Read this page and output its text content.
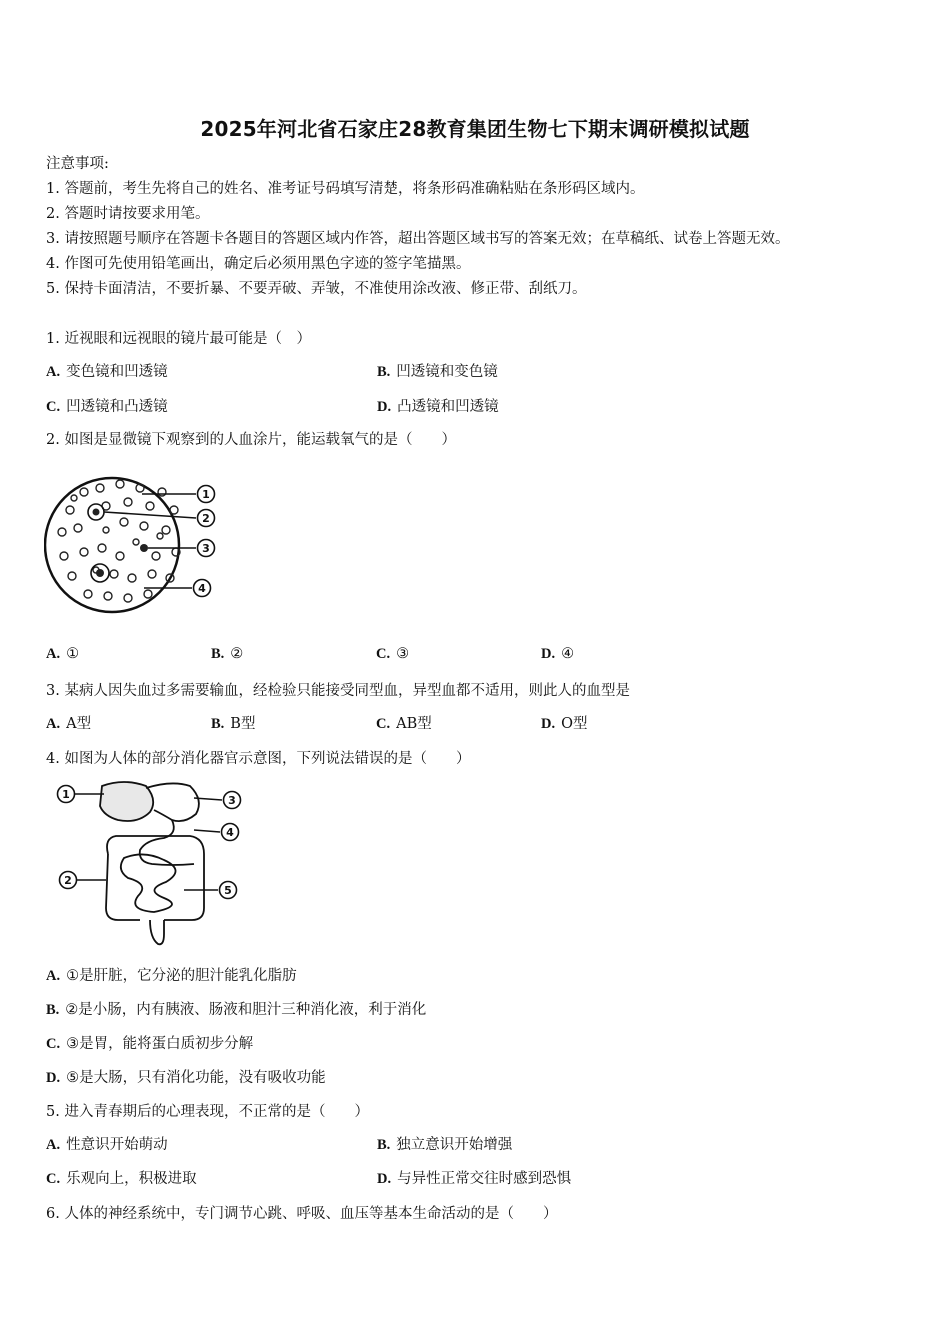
2025年河北省石家庄28教育集团生物七下期末调研模拟试题
注意事项:
1. 答题前，考生先将自己的姓名、准考证号码填写清楚，将条形码准确粘贴在条形码区域内。
2. 答题时请按要求用笔。
3. 请按照题号顺序在答题卡各题目的答题区域内作答，超出答题区域书写的答案无效；在草稿纸、试卷上答题无效。
4. 作图可先使用铅笔画出，确定后必须用黑色字迹的签字笔描黑。
5. 保持卡面清洁，不要折暴、不要弄破、弄皱，不准使用涂改液、修正带、刮纸刀。
1. 近视眼和远视眼的镜片最可能是（　）
A. 变色镜和凹透镜	B. 凹透镜和变色镜
C. 凹透镜和凸透镜	D. 凸透镜和凹透镜
2. 如图是显微镜下观察到的人血涂片，能运载氧气的是（　　）
1
2
3
4
A. ①	B. ②	C. ③	D. ④
3. 某病人因失血过多需要输血，经检验只能接受同型血，异型血都不适用，则此人的血型是
A. A型	B. B型	C. AB型	D. O型
4. 如图为人体的部分消化器官示意图，下列说法错误的是（　　）
1	3
4
2
5
A. ①是肝脏，它分泌的胆汁能乳化脂肪
B. ②是小肠，内有胰液、肠液和胆汁三种消化液，利于消化
C. ③是胃，能将蛋白质初步分解
D. ⑤是大肠，只有消化功能，没有吸收功能
5. 进入青春期后的心理表现，不正常的是（　　）
A. 性意识开始萌动	B. 独立意识开始增强
C. 乐观向上，积极进取	D. 与异性正常交往时感到恐惧
6. 人体的神经系统中，专门调节心跳、呼吸、血压等基本生命活动的是（　　）
